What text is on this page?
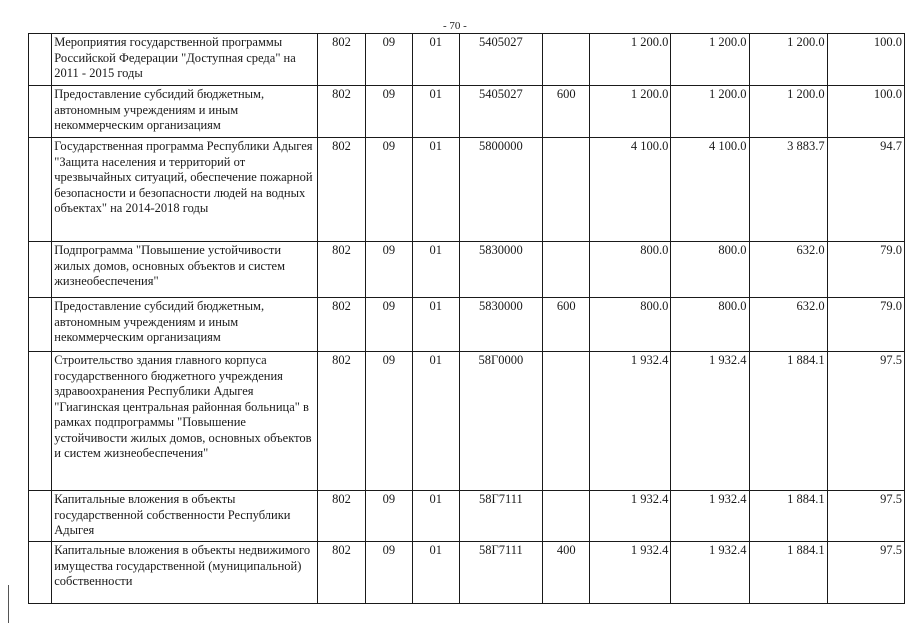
- 70 -
	Мероприятия государственной программы Российской Федерации "Доступная среда" на 2011 - 2015 годы	802	09	01	5405027		1 200.0	1 200.0	1 200.0	100.0
	Предоставление субсидий бюджетным, автономным учреждениям и иным некоммерческим организациям	802	09	01	5405027	600	1 200.0	1 200.0	1 200.0	100.0
	Государственная программа Республики Адыгея "Защита населения и территорий от чрезвычайных ситуаций, обеспечение пожарной безопасности и безопасности людей на водных объектах" на 2014-2018 годы	802	09	01	5800000		4 100.0	4 100.0	3 883.7	94.7
	Подпрограмма "Повышение устойчивости жилых домов, основных объектов и систем жизнеобеспечения"	802	09	01	5830000		800.0	800.0	632.0	79.0
	Предоставление субсидий бюджетным, автономным учреждениям и иным некоммерческим организациям	802	09	01	5830000	600	800.0	800.0	632.0	79.0
	Строительство здания главного корпуса государственного бюджетного учреждения здравоохранения Республики Адыгея "Гиагинская центральная районная больница" в рамках подпрограммы "Повышение устойчивости жилых домов, основных объектов и систем жизнеобеспечения"	802	09	01	58Г0000		1 932.4	1 932.4	1 884.1	97.5
	Капитальные вложения в объекты государственной собственности Республики Адыгея	802	09	01	58Г7111		1 932.4	1 932.4	1 884.1	97.5
	Капитальные вложения в объекты недвижимого имущества государственной (муниципальной) собственности	802	09	01	58Г7111	400	1 932.4	1 932.4	1 884.1	97.5
